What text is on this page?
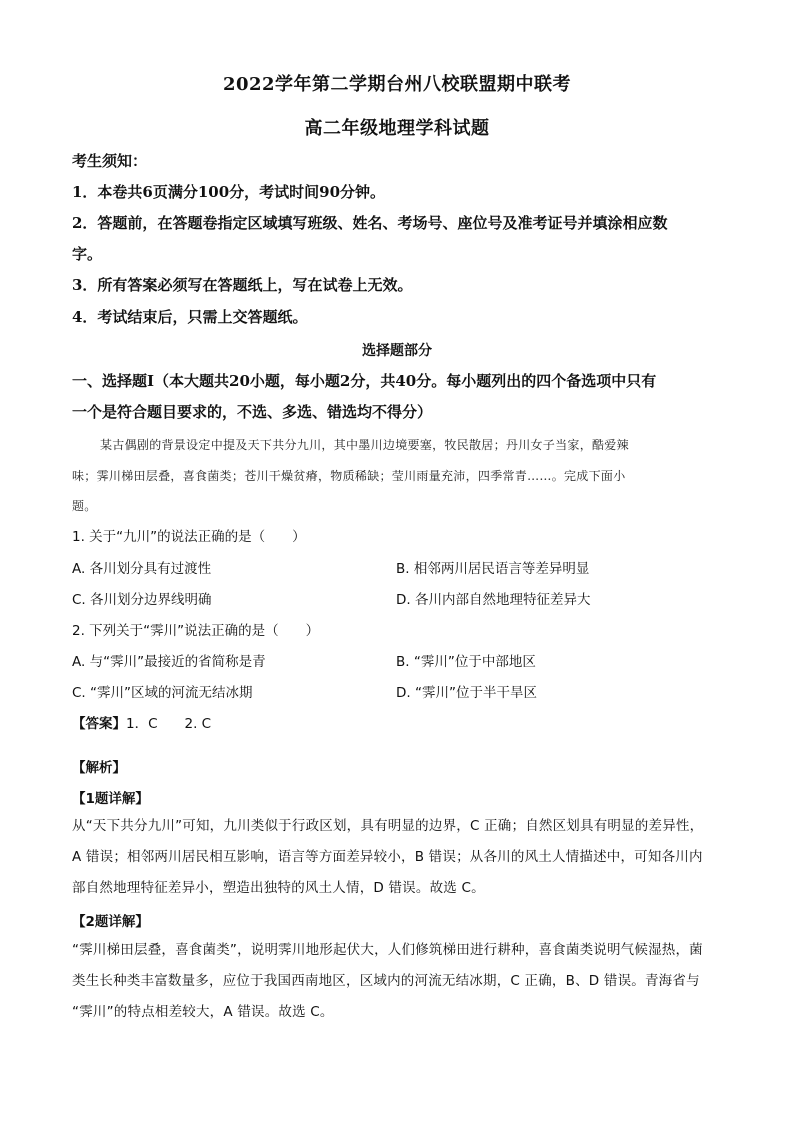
2022学年第二学期台州八校联盟期中联考
高二年级地理学科试题
考生须知：
1．本卷共6页满分100分，考试时间90分钟。
2．答题前，在答题卷指定区域填写班级、姓名、考场号、座位号及准考证号并填涂相应数
字。
3．所有答案必须写在答题纸上，写在试卷上无效。
4．考试结束后，只需上交答题纸。
选择题部分
一、选择题Ⅰ（本大题共20小题，每小题2分，共40分。每小题列出的四个备选项中只有
一个是符合题目要求的，不选、多选、错选均不得分）
某古偶剧的背景设定中提及天下共分九川，其中墨川边境要塞，牧民散居；丹川女子当家，酷爱辣
味；霁川梯田层叠，喜食菌类；苍川干燥贫瘠，物质稀缺；莹川雨量充沛，四季常青……。完成下面小
题。
1. 关于“九川”的说法正确的是（　　）
A. 各川划分具有过渡性	B. 相邻两川居民语言等差异明显
C. 各川划分边界线明确	D. 各川内部自然地理特征差异大
2. 下列关于“霁川”说法正确的是（　　）
A. 与“霁川”最接近的省简称是青	B. “霁川”位于中部地区
C. “霁川”区域的河流无结冰期	D. “霁川”位于半干旱区
【答案】1．C　　2. C
【解析】
【1题详解】
从“天下共分九川”可知，九川类似于行政区划，具有明显的边界，C 正确；自然区划具有明显的差异性，
A 错误；相邻两川居民相互影响，语言等方面差异较小，B 错误；从各川的风土人情描述中，可知各川内
部自然地理特征差异小，塑造出独特的风土人情，D 错误。故选 C。
【2题详解】
“霁川梯田层叠，喜食菌类”，说明霁川地形起伏大，人们修筑梯田进行耕种，喜食菌类说明气候湿热，菌
类生长种类丰富数量多，应位于我国西南地区，区域内的河流无结冰期，C 正确，B、D 错误。青海省与
“霁川”的特点相差较大，A 错误。故选 C。
